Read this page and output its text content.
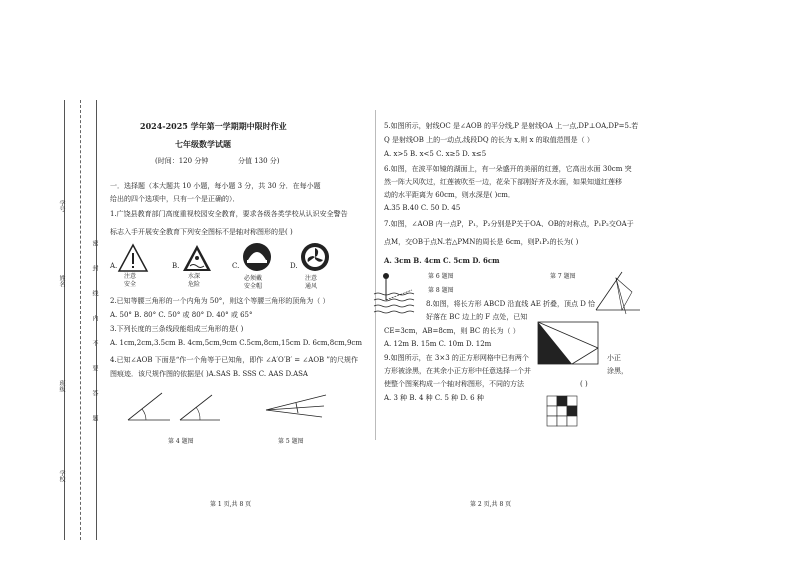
学号
姓名
班级
学校
密
封
线
内
不
要
答
题
2024-2025 学年第一学期期中限时作业
七年级数学试题
(时间：120 分钟	分值 130 分)
一．选择题（本大题共 10 小题，每小题 3 分，共 30 分．在每小题
给出的四个选项中，只有一个是正确的）．
1.广饶县教育部门高度重视校园安全教育，要求各级各类学校从认识安全警告
标志入手开展安全教育下列安全图标不是轴对称图形的是( )
A.
注意
安全
B.
水深
危险
C.
必须戴
安全帽
D.
注意
通风
2.已知等腰三角形的一个内角为 50°，则这个等腰三角形的顶角为（ ）
A. 50° B. 80° C. 50° 或 80° D. 40° 或 65°
3.下列长度的三条线段能组成三角形的是( )
A. 1cm,2cm,3.5cm B. 4cm,5cm,9cm C.5cm,8cm,15cm D. 6cm,8cm,9cm
4.已知∠AOB 下面是“作一个角等于已知角，即作 ∠A′O′B′ = ∠AOB ”的尺规作
图痕迹．该尺规作图的依据是( )A.SAS B. SSS C. AAS D.ASA
第 4 题图	第 5 题图
第 1 页,共 8 页
5.如图所示，射线OC 是∠AOB 的平分线,P 是射线OA 上一点,DP⊥OA,DP=5.若
Q 是射线OB 上的一动点,线段DQ 的长为 x,则 x 的取值范围是（ ）
A. x>5 B. x<5 C. x≥5 D. x≤5
6.如图，在波平如镜的湖面上，有一朵盛开的美丽的红莲，它高出水面 30cm 突
然一阵大风吹过，红莲被吹至一边，花朵下部刚好齐及水面，如果知道红莲移
动的水平距离为 60cm，则水深是( )cm．
A.35 B.40 C. 50 D. 45
7.如图，∠AOB 内一点P，P₁，P₂分别是P关于OA、OB的对称点，P₁P₂交OA于
点M，交OB于点N.若△PMN的周长是 6cm，则P₁P₂的长为( )
A. 3cm B. 4cm C. 5cm D. 6cm
第 6 题图	第 7 题图
第 8 题图
8.如图，将长方形 ABCD 沿直线 AE 折叠，顶点 D 恰
好落在 BC 边上的 F 点处，已知
CE=3cm，AB=8cm，则 BC 的长为（ ）
A. 12m B. 15m C. 10m D. 12m
9.如图所示，在 3×3 的正方形网格中已有两个	小正
方形被涂黑，在其余小正方形中任意选择一个并	涂黑，
使整个图案构成一个轴对称图形，不同的方法	( )
A. 3 种 B. 4 种 C. 5 种 D. 6 种
第 2 页,共 8 页
